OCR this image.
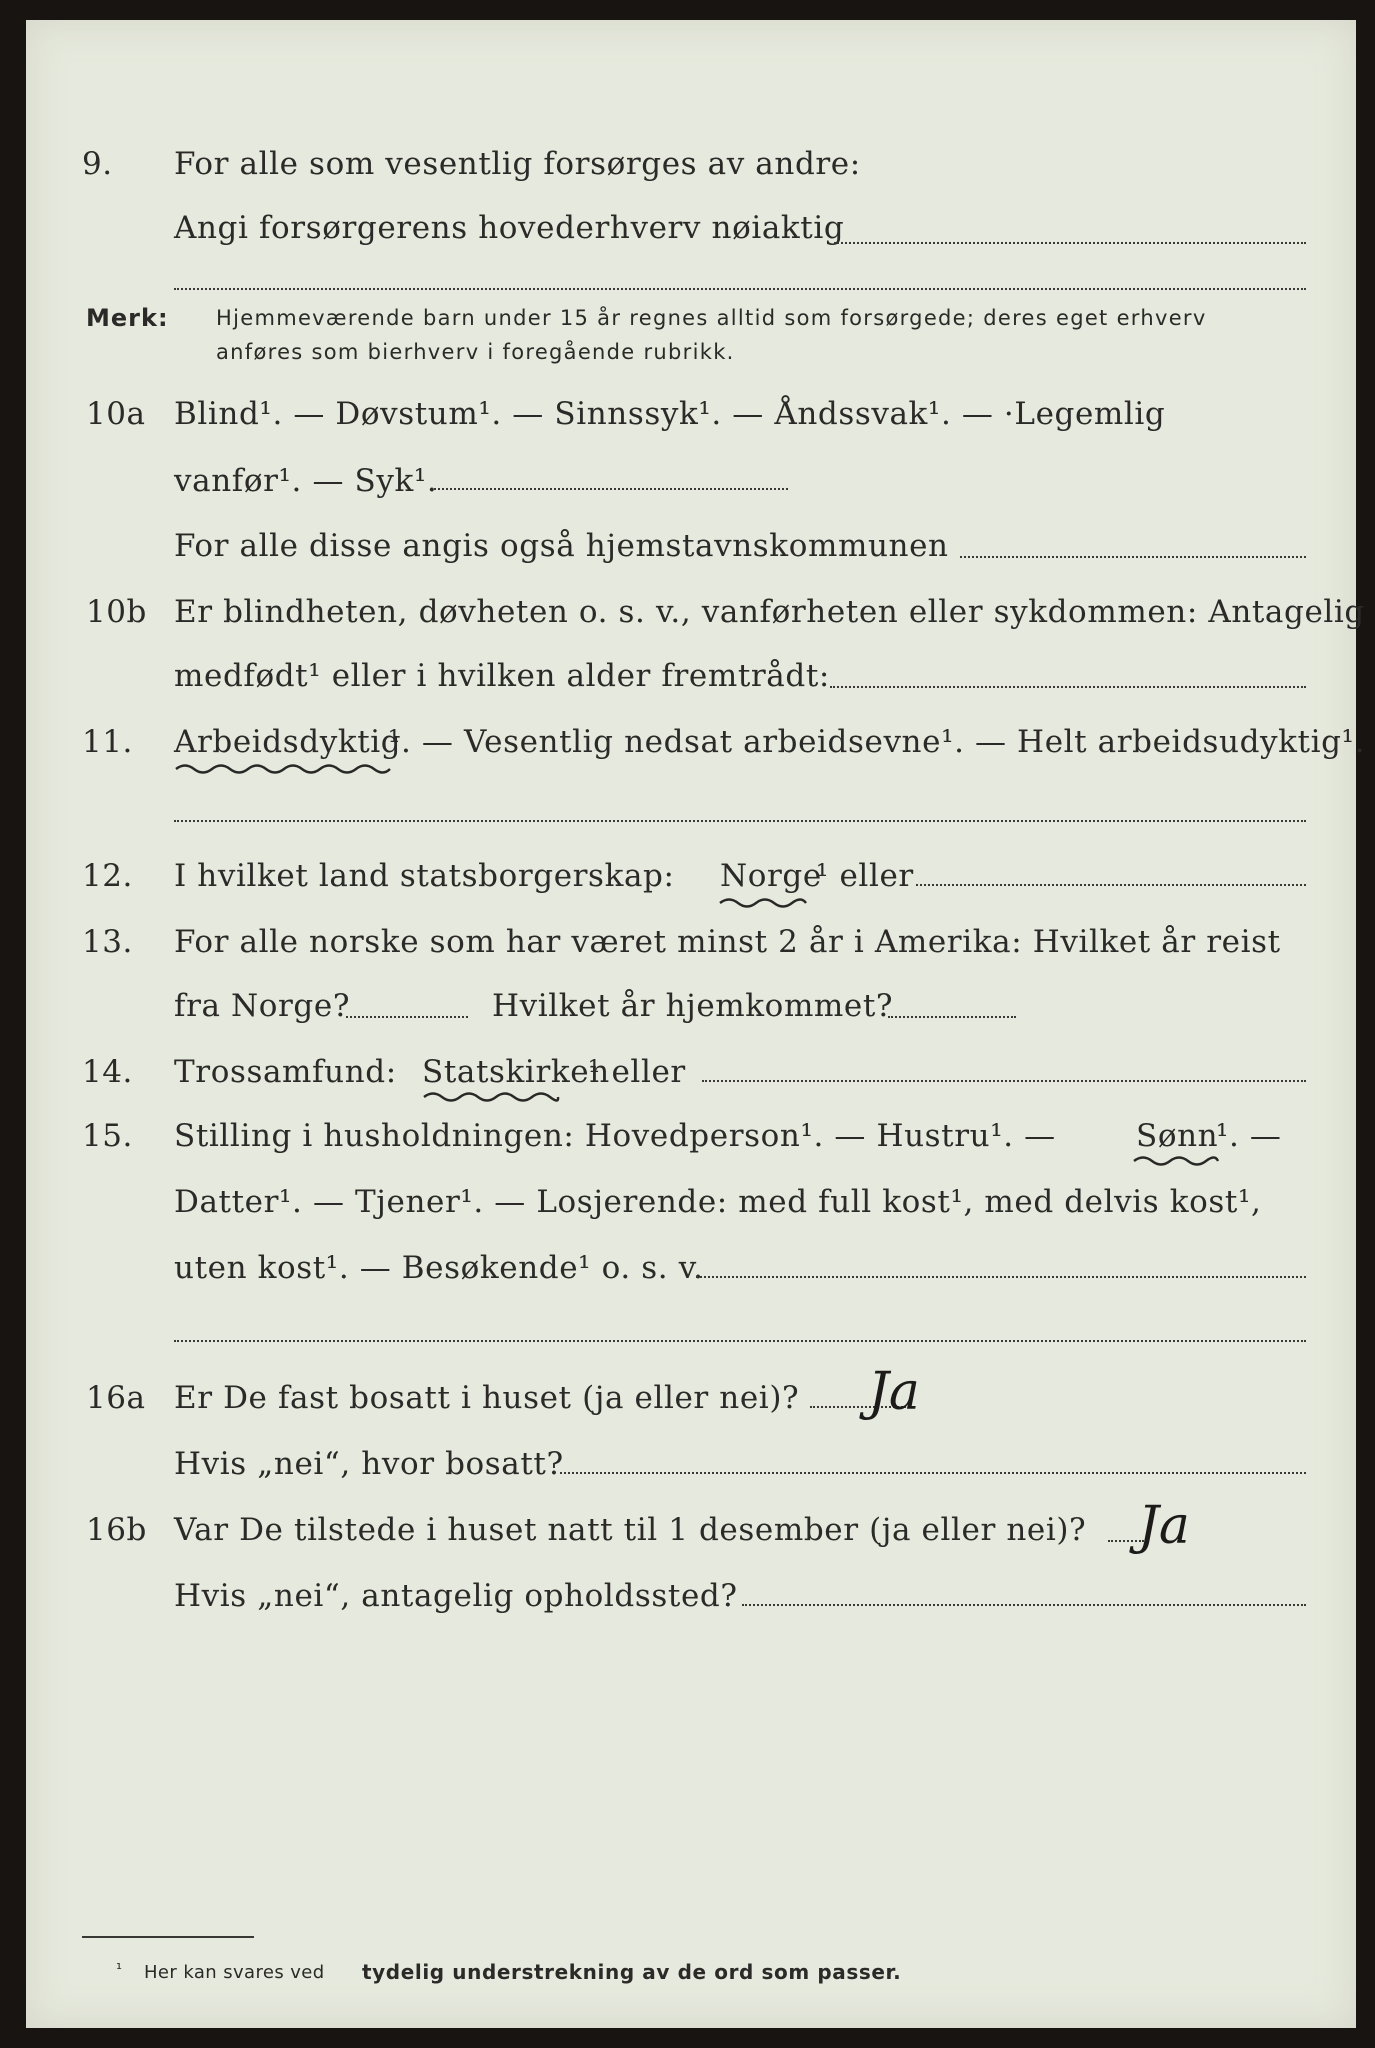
9. For alle som vesentlig forsørges av andre:
Angi forsørgerens hovederhverv nøiaktig
Merk: Hjemmeværende barn under 15 år regnes alltid som forsørgede; deres eget erhverv
anføres som bierhverv i foregående rubrikk.
10a Blind¹. — Døvstum¹. — Sinnssyk¹. — Åndssvak¹. — ·Legemlig
vanfør¹. — Syk¹.
For alle disse angis også hjemstavnskommunen
10b Er blindheten, døvheten o. s. v., vanførheten eller sykdommen: Antagelig
medfødt¹ eller i hvilken alder fremtrådt:
11. Arbeidsdyktig
¹. — Vesentlig nedsat arbeidsevne¹. — Helt arbeidsudyktig¹.
12. I hvilket land statsborgerskap: Norge
¹ eller
13. For alle norske som har været minst 2 år i Amerika: Hvilket år reist
fra Norge?	Hvilket år hjemkommet?
14. Trossamfund: Statskirken
¹ eller
15. Stilling i husholdningen: Hovedperson¹. — Hustru¹. —	Sønn
¹. —
Datter¹. — Tjener¹. — Losjerende: med full kost¹, med delvis kost¹,
uten kost¹. — Besøkende¹ o. s. v.
16a Er De fast bosatt i huset (ja eller nei)? Ja
Hvis „nei“, hvor bosatt?
16b Var De tilstede i huset natt til 1 desember (ja eller nei)? Ja
Hvis „nei“, antagelig opholdssted?
¹ Her kan svares ved tydelig understrekning av de ord som passer.
